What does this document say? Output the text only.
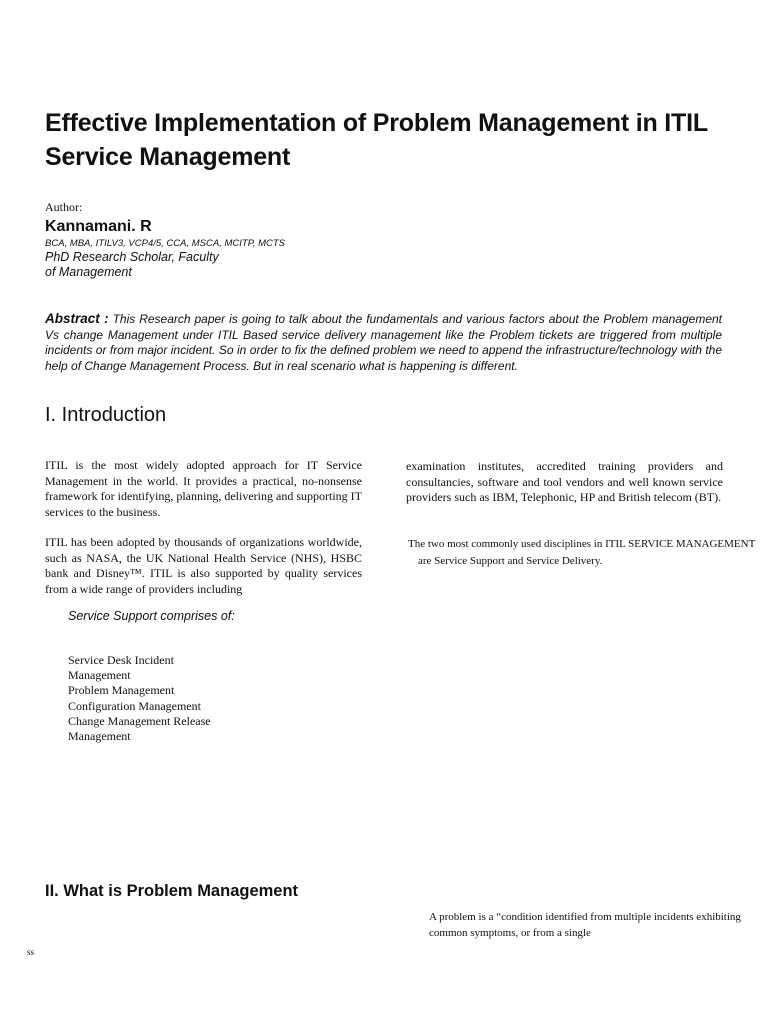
Effective Implementation of Problem Management in ITIL
Service Management
Author:
Kannamani. R
BCA, MBA, ITILV3, VCP4/5, CCA, MSCA, MCITP, MCTS
PhD Research Scholar, Faculty
of Management
Abstract : This Research paper is going to talk about the fundamentals and various factors about the Problem management Vs change Management under ITIL Based service delivery management like the Problem tickets are triggered from multiple incidents or from major incident. So in order to fix the defined problem we need to append the infrastructure/technology with the help of Change Management Process. But in real scenario what is happening is different.
I. Introduction
ITIL is the most widely adopted approach for IT Service Management in the world. It provides a practical, no-nonsense framework for identifying, planning, delivering and supporting IT services to the business.
ITIL has been adopted by thousands of organizations worldwide, such as NASA, the UK National Health Service (NHS), HSBC bank and Disney™. ITIL is also supported by quality services from a wide range of providers including
examination institutes, accredited training providers and consultancies, software and tool vendors and well known service providers such as IBM, Telephonic, HP and British telecom (BT).
The two most commonly used disciplines in ITIL SERVICE MANAGEMENT are Service Support and Service Delivery.
Service Support comprises of:
Service Desk Incident
Management
Problem Management
Configuration Management
Change Management Release
Management
II. What is Problem Management
A problem is a “condition identified from multiple incidents exhibiting common symptoms, or from a single
ss
